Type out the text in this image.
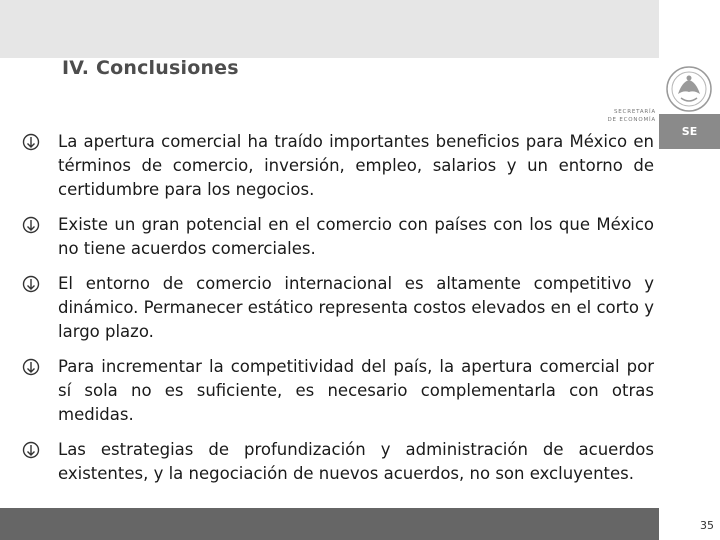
SE
IV. Conclusiones
SECRETARÍA
DE ECONOMÍA
La apertura comercial ha traído importantes beneficios para México en términos de comercio, inversión, empleo, salarios y un entorno de certidumbre para los negocios.
Existe un gran potencial en el comercio con países con los que México no tiene acuerdos comerciales.
El entorno de comercio internacional es altamente competitivo y dinámico. Permanecer estático representa costos elevados en el corto y largo plazo.
Para incrementar la competitividad del país, la apertura comercial por sí sola no es suficiente, es necesario complementarla con otras medidas.
Las estrategias de profundización y administración de acuerdos existentes, y la negociación de nuevos acuerdos, no son excluyentes.
35
